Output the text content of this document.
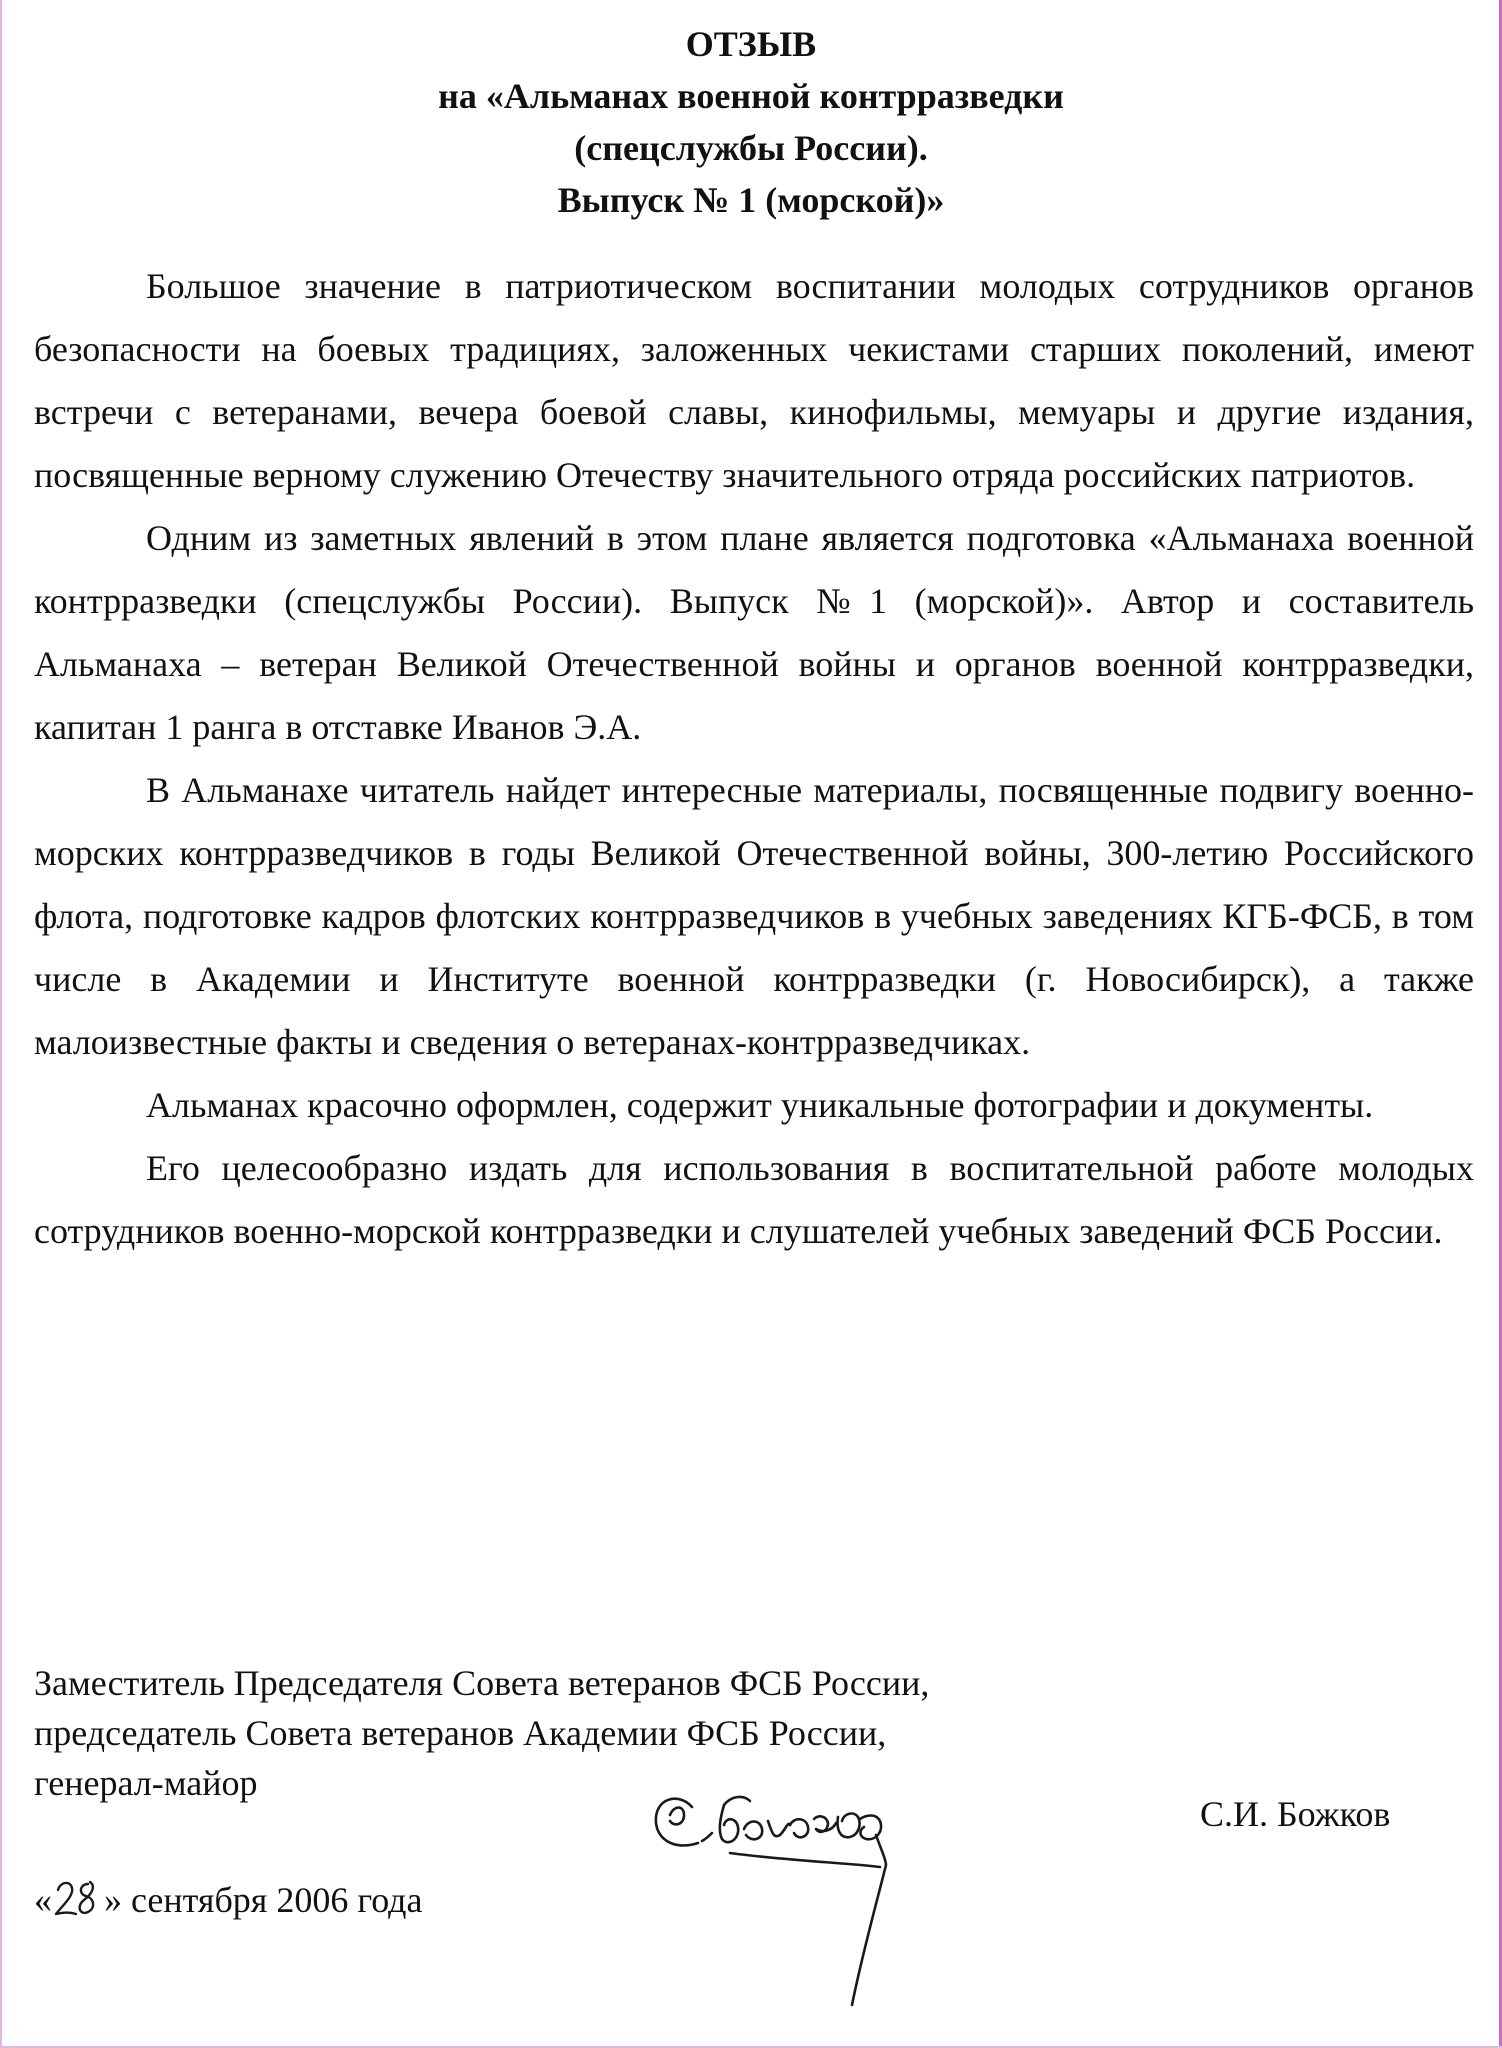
ОТЗЫВ
на «Альманах военной контрразведки
(спецслужбы России).
Выпуск № 1 (морской)»

Большое значение в патриотическом воспитании молодых сотрудников органов безопасности на боевых традициях, заложенных чекистами старших поколений, имеют встречи с ветеранами, вечера боевой славы, кинофильмы, мемуары и другие издания, посвященные верному служению Отечеству значительного отряда российских патриотов.

Одним из заметных явлений в этом плане является подготовка «Альманаха военной контрразведки (спецслужбы России). Выпуск №1 (морской)». Автор и составитель Альманаха – ветеран Великой Отечественной войны и органов военной контрразведки, капитан 1 ранга в отставке Иванов Э.А.

В Альманахе читатель найдет интересные материалы, посвященные подвигу военно-морских контрразведчиков в годы Великой Отечественной войны, 300-летию Российского флота, подготовке кадров флотских контрразведчиков в учебных заведениях КГБ-ФСБ, в том числе в Академии и Институте военной контрразведки (г. Новосибирск), а также малоизвестные факты и сведения о ветеранах-контрразведчиках.

Альманах красочно оформлен, содержит уникальные фотографии и документы.

Его целесообразно издать для использования в воспитательной работе молодых сотрудников военно-морской контрразведки и слушателей учебных заведений ФСБ России.

Заместитель Председателя Совета ветеранов ФСБ России,
председатель Совета ветеранов Академии ФСБ России,
генерал-майор
С.И. Божков
« » сентября 2006 года
